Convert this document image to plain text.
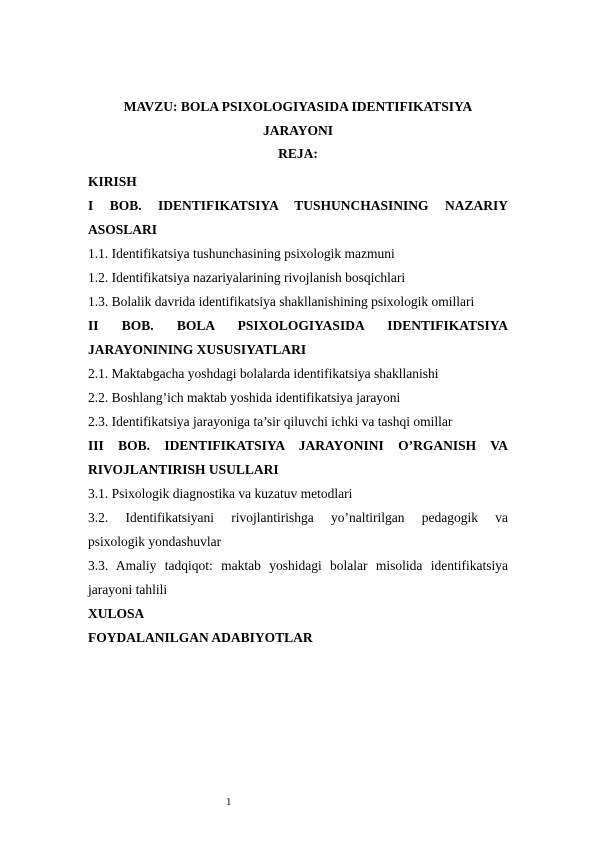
MAVZU: BOLA PSIXOLOGIYASIDA IDENTIFIKATSIYA
JARAYONI
REJA:
KIRISH
I BOB. IDENTIFIKATSIYA TUSHUNCHASINING NAZARIY
ASOSLARI
1.1. Identifikatsiya tushunchasining psixologik mazmuni
1.2. Identifikatsiya nazariyalarining rivojlanish bosqichlari
1.3. Bolalik davrida identifikatsiya shakllanishining psixologik omillari
II BOB. BOLA PSIXOLOGIYASIDA IDENTIFIKATSIYA
JARAYONINING XUSUSIYATLARI
2.1. Maktabgacha yoshdagi bolalarda identifikatsiya shakllanishi
2.2. Boshlang’ich maktab yoshida identifikatsiya jarayoni
2.3. Identifikatsiya jarayoniga ta’sir qiluvchi ichki va tashqi omillar
III BOB. IDENTIFIKATSIYA JARAYONINI O’RGANISH VA
RIVOJLANTIRISH USULLARI
3.1. Psixologik diagnostika va kuzatuv metodlari
3.2. Identifikatsiyani rivojlantirishga yo’naltirilgan pedagogik va
psixologik yondashuvlar
3.3. Amaliy tadqiqot: maktab yoshidagi bolalar misolida identifikatsiya
jarayoni tahlili
XULOSA
FOYDALANILGAN ADABIYOTLAR
1
